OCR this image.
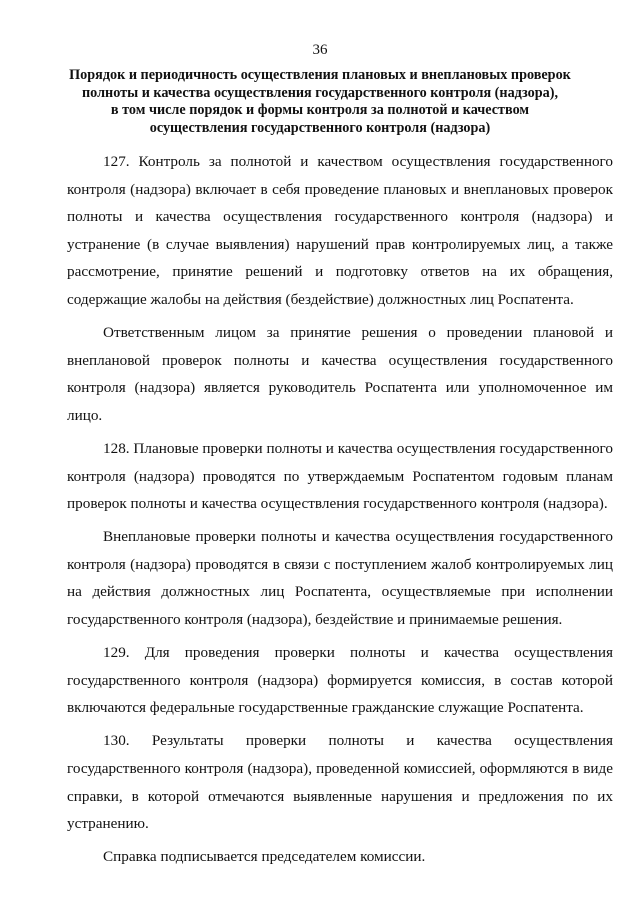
36
Порядок и периодичность осуществления плановых и внеплановых проверок
полноты и качества осуществления государственного контроля (надзора),
в том числе порядок и формы контроля за полнотой и качеством
осуществления государственного контроля (надзора)

127. Контроль за полнотой и качеством осуществления государственного контроля (надзора) включает в себя проведение плановых и внеплановых проверок полноты и качества осуществления государственного контроля (надзора) и устранение (в случае выявления) нарушений прав контролируемых лиц, а также рассмотрение, принятие решений и подготовку ответов на их обращения, содержащие жалобы на действия (бездействие) должностных лиц Роспатента.

Ответственным лицом за принятие решения о проведении плановой и внеплановой проверок полноты и качества осуществления государственного контроля (надзора) является руководитель Роспатента или уполномоченное им лицо.

128. Плановые проверки полноты и качества осуществления государственного контроля (надзора) проводятся по утверждаемым Роспатентом годовым планам проверок полноты и качества осуществления государственного контроля (надзора).

Внеплановые проверки полноты и качества осуществления государственного контроля (надзора) проводятся в связи с поступлением жалоб контролируемых лиц на действия должностных лиц Роспатента, осуществляемые при исполнении государственного контроля (надзора), бездействие и принимаемые решения.

129. Для проведения проверки полноты и качества осуществления государственного контроля (надзора) формируется комиссия, в состав которой включаются федеральные государственные гражданские служащие Роспатента.

130. Результаты проверки полноты и качества осуществления государственного контроля (надзора), проведенной комиссией, оформляются в виде справки, в которой отмечаются выявленные нарушения и предложения по их устранению.

Справка подписывается председателем комиссии.
